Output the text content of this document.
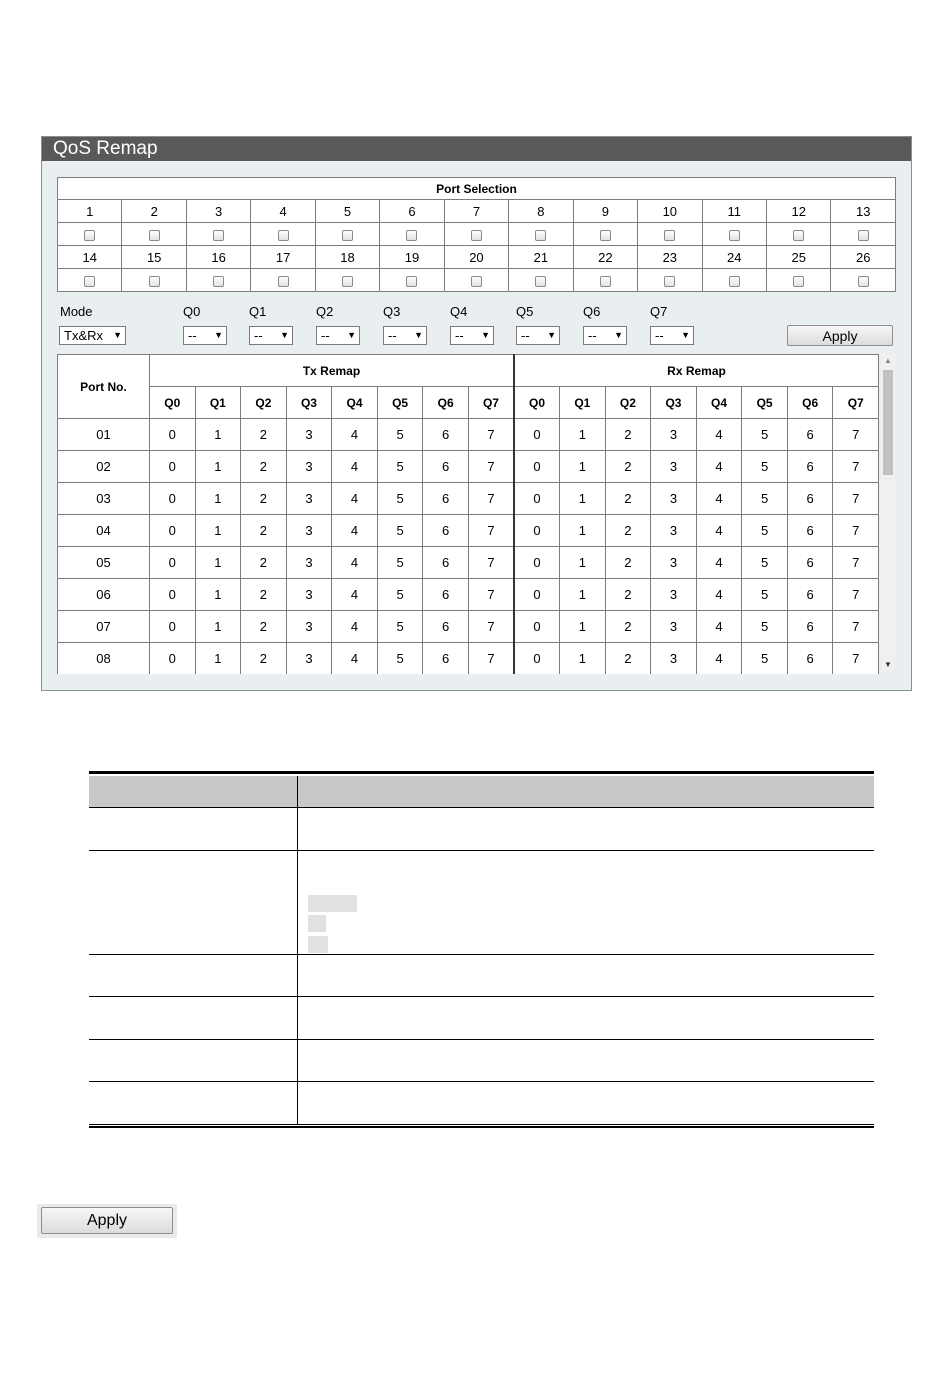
QoS Remap
Port Selection												
1	2	3	4	5	6	7	8	9	10	11	12	13

14	15	16	17	18	19	20	21	22	23	24	25	26

Mode
Tx&Rx ▼
Q0
-- ▼
Q1
-- ▼
Q2
-- ▼
Q3
-- ▼
Q4
-- ▼
Q5
-- ▼
Q6
-- ▼
Q7
-- ▼	Apply
Port No.	Tx Remap								Rx Remap							
	Q0	Q1	Q2	Q3	Q4	Q5	Q6	Q7	Q0	Q1	Q2	Q3	Q4	Q5	Q6	Q7
01	0	1	2	3	4	5	6	7	0	1	2	3	4	5	6	7
02	0	1	2	3	4	5	6	7	0	1	2	3	4	5	6	7
03	0	1	2	3	4	5	6	7	0	1	2	3	4	5	6	7
04	0	1	2	3	4	5	6	7	0	1	2	3	4	5	6	7
05	0	1	2	3	4	5	6	7	0	1	2	3	4	5	6	7
06	0	1	2	3	4	5	6	7	0	1	2	3	4	5	6	7
07	0	1	2	3	4	5	6	7	0	1	2	3	4	5	6	7
08	0	1	2	3	4	5	6	7	0	1	2	3	4	5	6	7
▲
▼
Apply
